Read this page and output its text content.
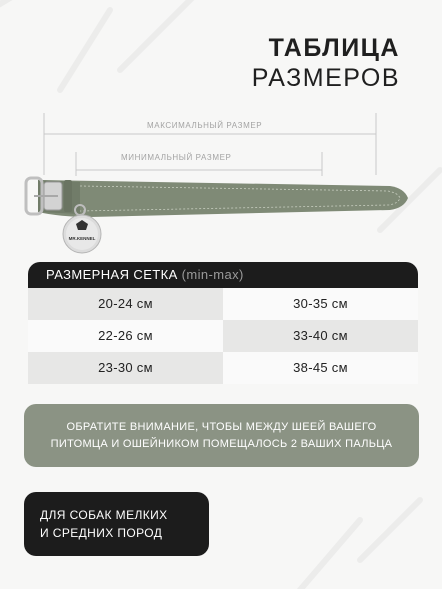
ТАБЛИЦА
РАЗМЕРОВ
МАКСИМАЛЬНЫЙ РАЗМЕР
МИНИМАЛЬНЫЙ РАЗМЕР
MR.KENNEL
РАЗМЕРНАЯ СЕТКА (min-max)
20-24 см	30-35 см
22-26 см	33-40 см
23-30 см	38-45 см
ОБРАТИТЕ ВНИМАНИЕ, ЧТОБЫ МЕЖДУ ШЕЕЙ ВАШЕГО
ПИТОМЦА И ОШЕЙНИКОМ ПОМЕЩАЛОСЬ 2 ВАШИХ ПАЛЬЦА
ДЛЯ СОБАК МЕЛКИХ
И СРЕДНИХ ПОРОД
